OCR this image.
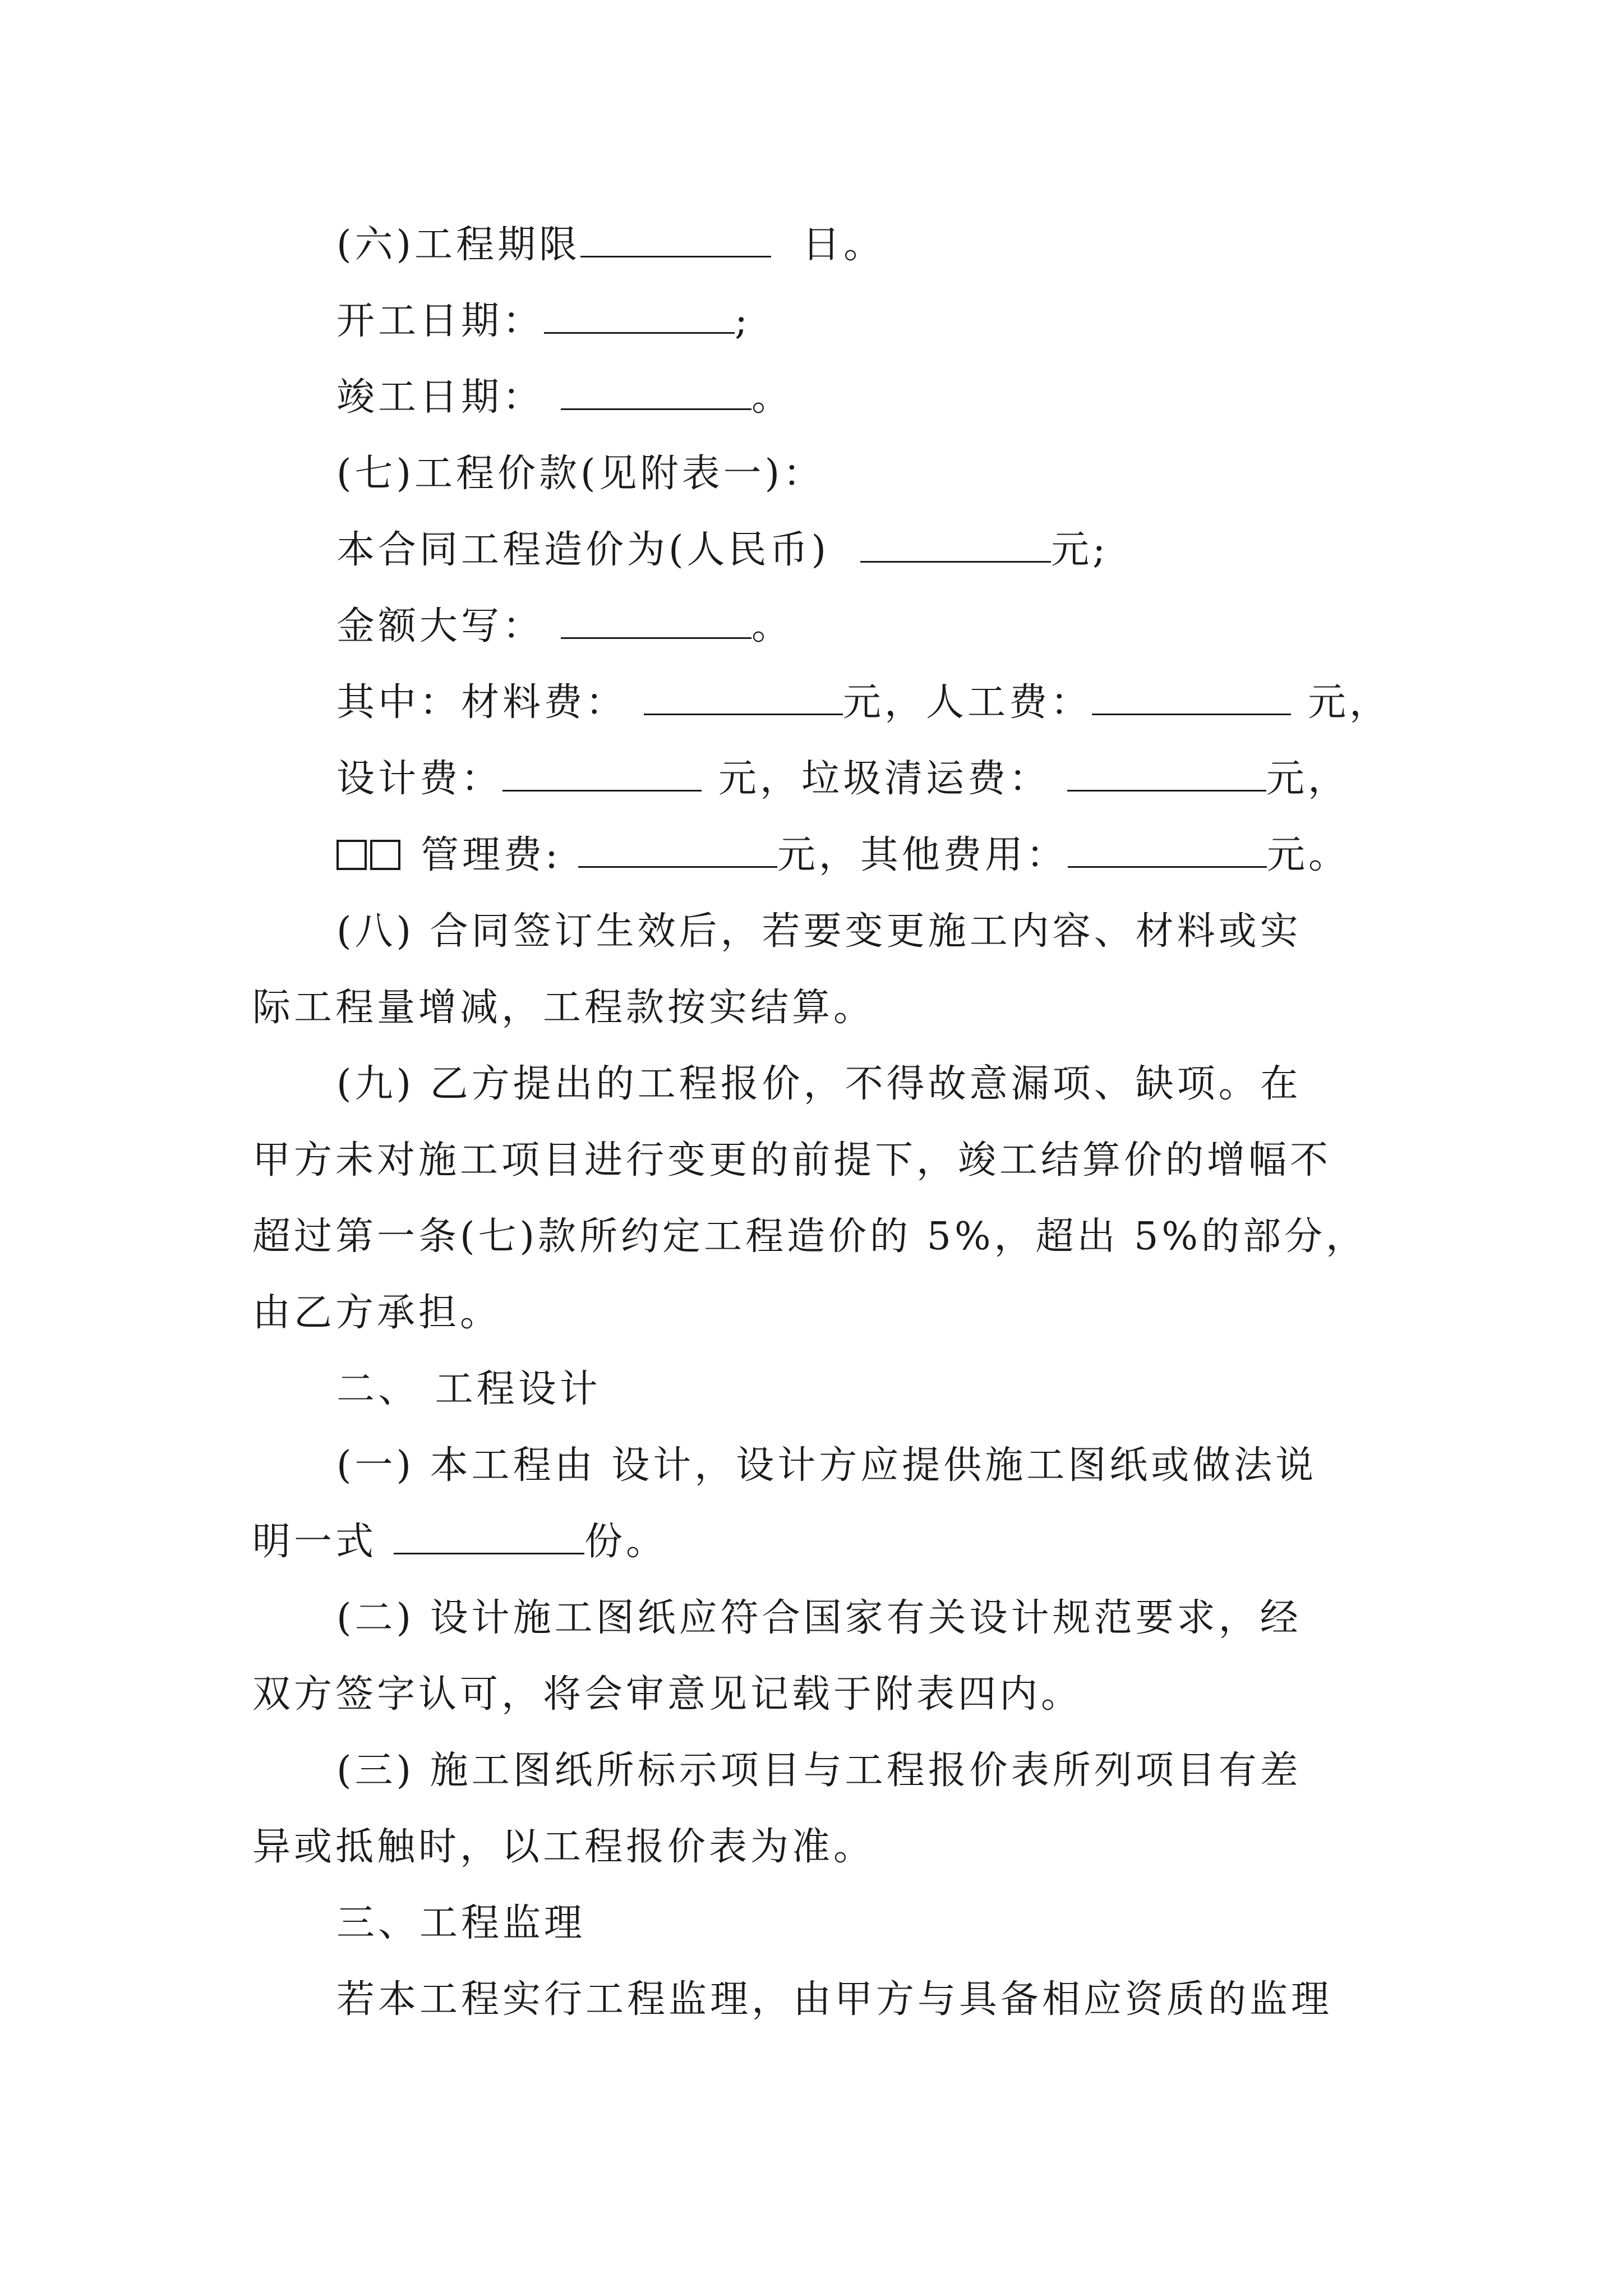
(六)工程期限	日。
开工日期：	;
竣工日期：	。
(七)工程价款(见附表一)：
本合同工程造价为(人民币)	元;
金额大写：	。
其中：材料费：	元，人工费：	元，
设计费：	元，垃圾清运费：	元，
管理费:	元，其他费用：	元。
(八) 合同签订生效后，若要变更施工内容、材料或实
际工程量增减，工程款按实结算。
(九) 乙方提出的工程报价，不得故意漏项、缺项。在
甲方未对施工项目进行变更的前提下，竣工结算价的增幅不
超过第一条(七)款所约定工程造价的 5%，超出 5%的部分，
由乙方承担。
二、 工程设计
(一) 本工程由 设计，设计方应提供施工图纸或做法说
明一式	份。
(二) 设计施工图纸应符合国家有关设计规范要求，经
双方签字认可，将会审意见记载于附表四内。
(三) 施工图纸所标示项目与工程报价表所列项目有差
异或抵触时，以工程报价表为准。
三、工程监理
若本工程实行工程监理，由甲方与具备相应资质的监理
